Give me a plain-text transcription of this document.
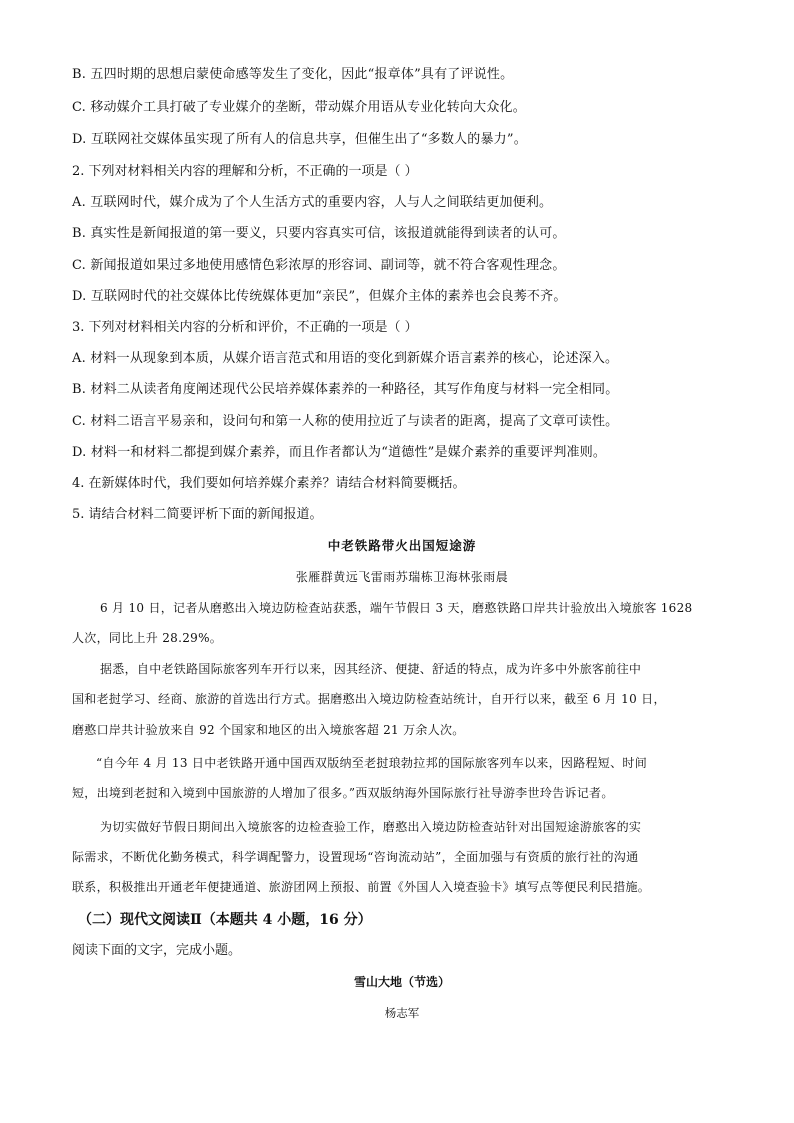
B. 五四时期的思想启蒙使命感等发生了变化，因此“报章体”具有了评说性。
C. 移动媒介工具打破了专业媒介的垄断，带动媒介用语从专业化转向大众化。
D. 互联网社交媒体虽实现了所有人的信息共享，但催生出了“多数人的暴力”。
2. 下列对材料相关内容的理解和分析，不正确的一项是（ ）
A. 互联网时代，媒介成为了个人生活方式的重要内容，人与人之间联结更加便利。
B. 真实性是新闻报道的第一要义，只要内容真实可信，该报道就能得到读者的认可。
C. 新闻报道如果过多地使用感情色彩浓厚的形容词、副词等，就不符合客观性理念。
D. 互联网时代的社交媒体比传统媒体更加“亲民”，但媒介主体的素养也会良莠不齐。
3. 下列对材料相关内容的分析和评价，不正确的一项是（ ）
A. 材料一从现象到本质，从媒介语言范式和用语的变化到新媒介语言素养的核心，论述深入。
B. 材料二从读者角度阐述现代公民培养媒体素养的一种路径，其写作角度与材料一完全相同。
C. 材料二语言平易亲和，设问句和第一人称的使用拉近了与读者的距离，提高了文章可读性。
D. 材料一和材料二都提到媒介素养，而且作者都认为“道德性”是媒介素养的重要评判准则。
4. 在新媒体时代，我们要如何培养媒介素养？请结合材料简要概括。
5. 请结合材料二简要评析下面的新闻报道。
中老铁路带火出国短途游
张雁群黄远飞雷雨苏瑞栋卫海林张雨晨
6 月 10 日，记者从磨憨出入境边防检查站获悉，端午节假日 3 天，磨憨铁路口岸共计验放出入境旅客 1628
人次，同比上升 28.29%。
据悉，自中老铁路国际旅客列车开行以来，因其经济、便捷、舒适的特点，成为许多中外旅客前往中
国和老挝学习、经商、旅游的首选出行方式。据磨憨出入境边防检查站统计，自开行以来，截至 6 月 10 日，
磨憨口岸共计验放来自 92 个国家和地区的出入境旅客超 21 万余人次。
“自今年 4 月 13 日中老铁路开通中国西双版纳至老挝琅勃拉邦的国际旅客列车以来，因路程短、时间
短，出境到老挝和入境到中国旅游的人增加了很多。”西双版纳海外国际旅行社导游李世玲告诉记者。
为切实做好节假日期间出入境旅客的边检查验工作，磨憨出入境边防检查站针对出国短途游旅客的实
际需求，不断优化勤务模式，科学调配警力，设置现场“咨询流动站”，全面加强与有资质的旅行社的沟通
联系，积极推出开通老年便捷通道、旅游团网上预报、前置《外国人入境查验卡》填写点等便民利民措施。
（二）现代文阅读Ⅱ（本题共 4 小题，16 分）
阅读下面的文字，完成小题。
雪山大地（节选）
杨志军
